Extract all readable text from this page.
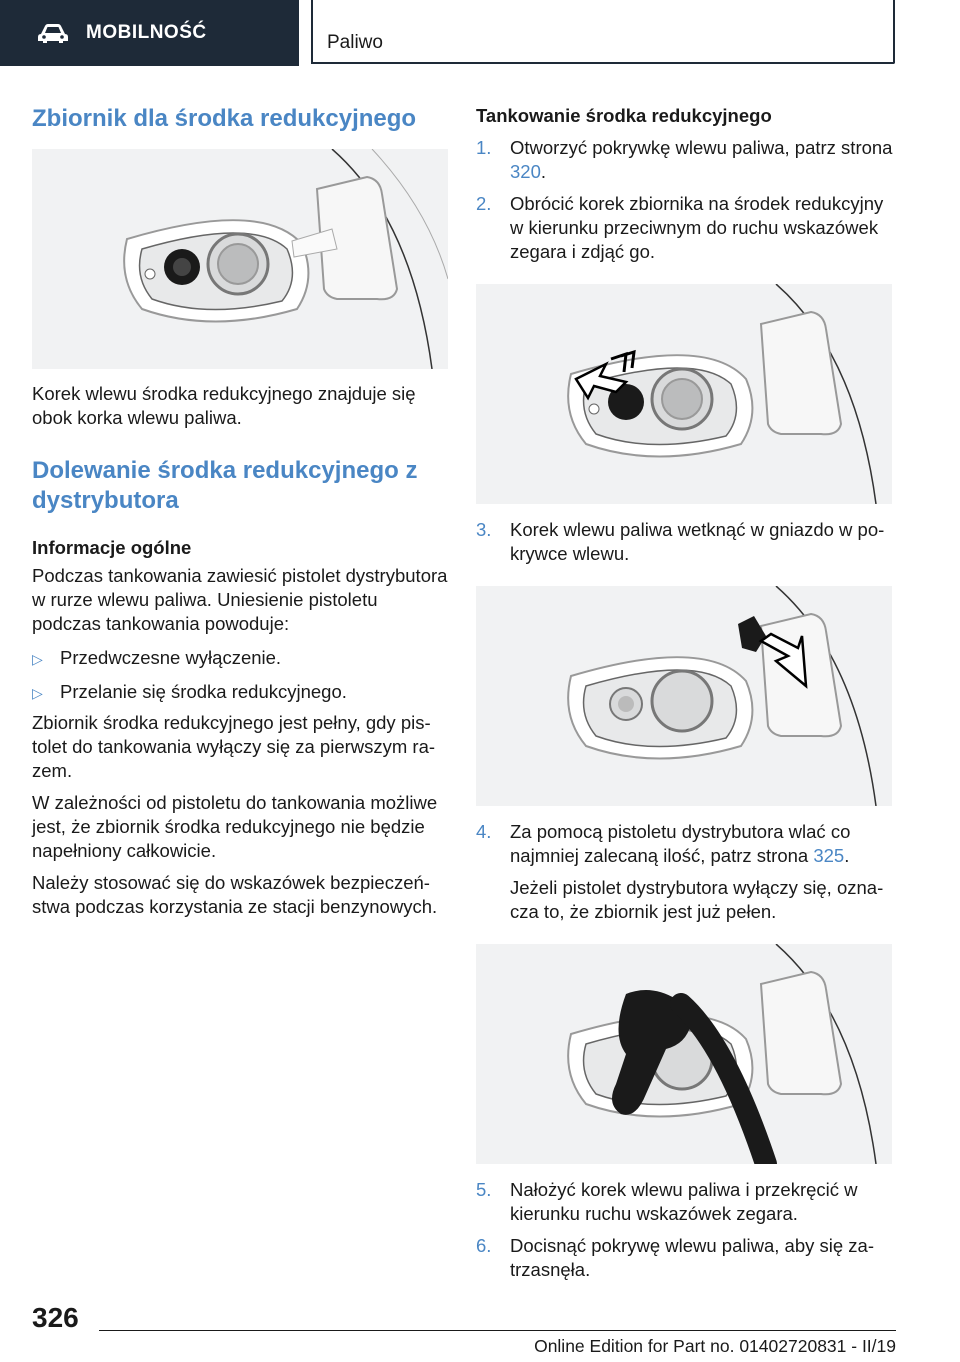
MOBILNOŚĆ	Paliwo
Zbiornik dla środka redukcyjnego

Korek wlewu środka redukcyjnego znajduje się obok korka wlewu paliwa.

Dolewanie środka redukcyjnego z dystrybutora
Informacje ogólne

Podczas tankowania zawiesić pistolet dystrybutora w rurze wlewu paliwa. Uniesienie pistoletu podczas tankowania powoduje:

▷ Przedwczesne wyłączenie.
▷ Przelanie się środka redukcyjnego.

Zbiornik środka redukcyjnego jest pełny, gdy pistolet do tankowania wyłączy się za pierwszym razem.

W zależności od pistoletu do tankowania możliwe jest, że zbiornik środka redukcyjnego nie będzie napełniony całkowicie.

Należy stosować się do wskazówek bezpieczeństwa podczas korzystania ze stacji benzynowych.

Tankowanie środka redukcyjnego
1.	Otworzyć pokrywkę wlewu paliwa, patrz strona 320.
2.	Obrócić korek zbiornika na środek redukcyjny w kierunku przeciwnym do ruchu wskazówek zegara i zdjąć go.
3.	Korek wlewu paliwa wetknąć w gniazdo w pokrywce wlewu.
4.	Za pomocą pistoletu dystrybutora wlać co najmniej zalecaną ilość, patrz strona 325.
Jeżeli pistolet dystrybutora wyłączy się, oznacza to, że zbiornik jest już pełen.
5.	Nałożyć korek wlewu paliwa i przekręcić w kierunku ruchu wskazówek zegara.
6.	Docisnąć pokrywę wlewu paliwa, aby się zatrzasnęła.
326
Online Edition for Part no. 01402720831 - II/19
